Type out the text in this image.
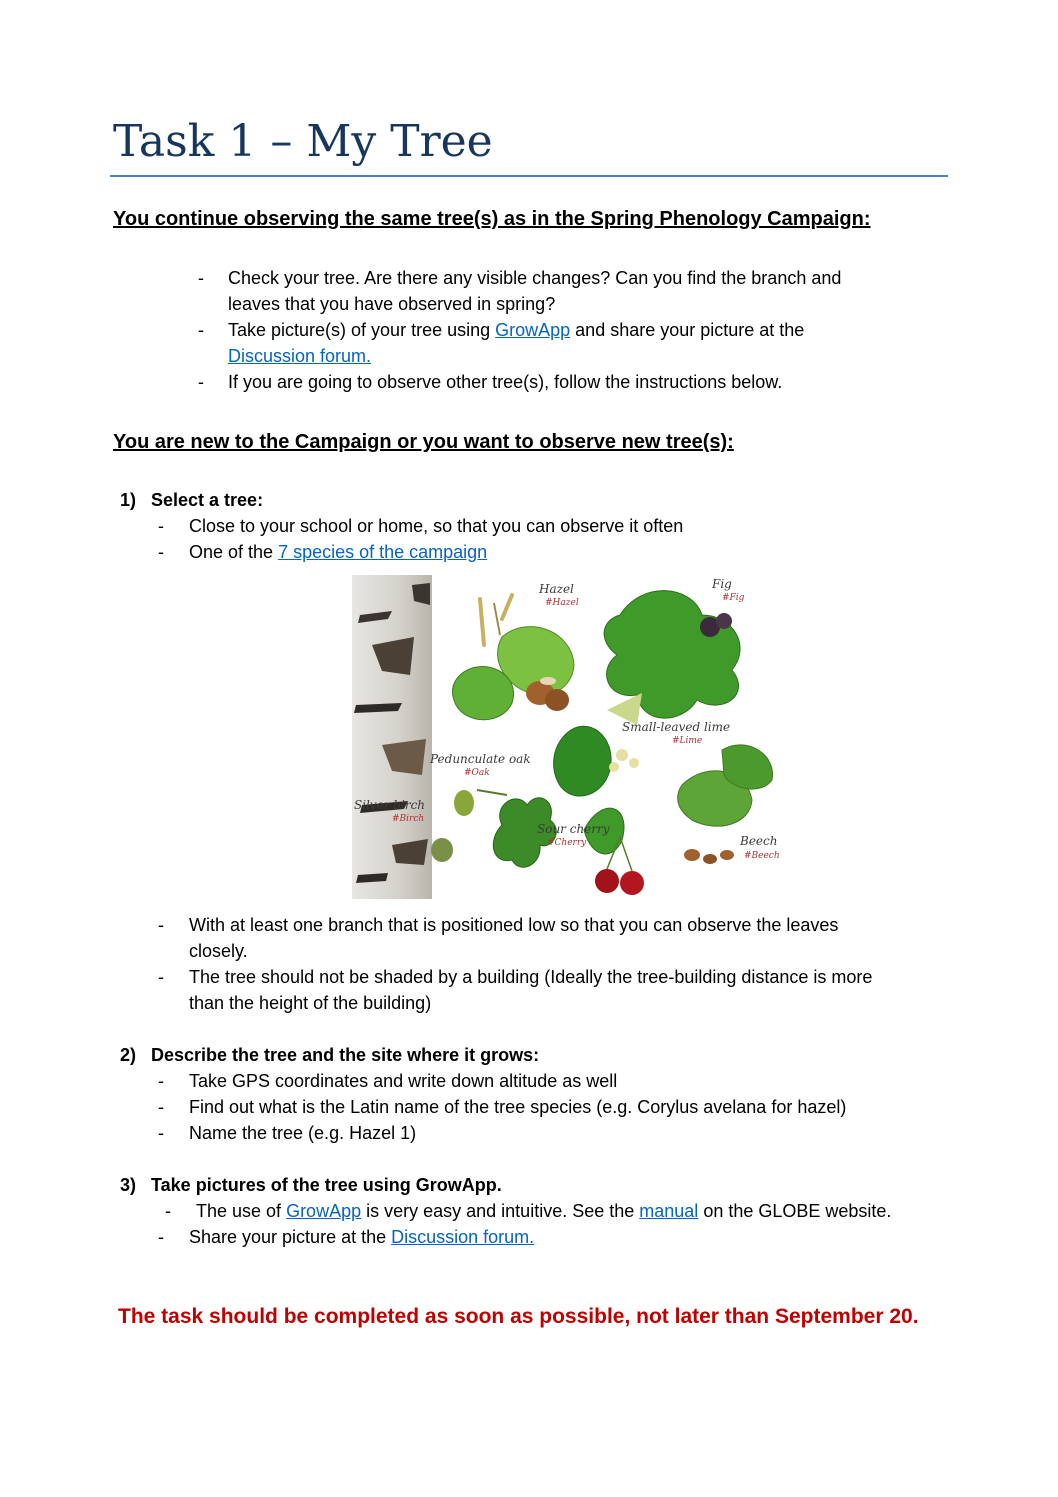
Task 1 – My Tree
You continue observing the same tree(s) as in the Spring Phenology Campaign:
- Check your tree. Are there any visible changes? Can you find the branch and
leaves that you have observed in spring?
- Take picture(s) of your tree using GrowApp and share your picture at the
Discussion forum.
- If you are going to observe other tree(s), follow the instructions below.
You are new to the Campaign or you want to observe new tree(s):

1) Select a tree:

- Close to your school or home, so that you can observe it often
- One of the 7 species of the campaign
Hazel
#Hazel
Fig
#Fig
Small-leaved lime
#Lime
Pedunculate oak
#Oak
Silver birch
#Birch
Sour cherry
#Cherry	Beech
#Beech
- With at least one branch that is positioned low so that you can observe the leaves
closely.
- The tree should not be shaded by a building (Ideally the tree-building distance is more
than the height of the building)

2) Describe the tree and the site where it grows:

- Take GPS coordinates and write down altitude as well
- Find out what is the Latin name of the tree species (e.g. Corylus avelana for hazel)
- Name the tree (e.g. Hazel 1)

3) Take pictures of the tree using GrowApp.

-	The use of GrowApp is very easy and intuitive. See the manual on the GLOBE website.
- Share your picture at the Discussion forum.

The task should be completed as soon as possible, not later than September 20.
